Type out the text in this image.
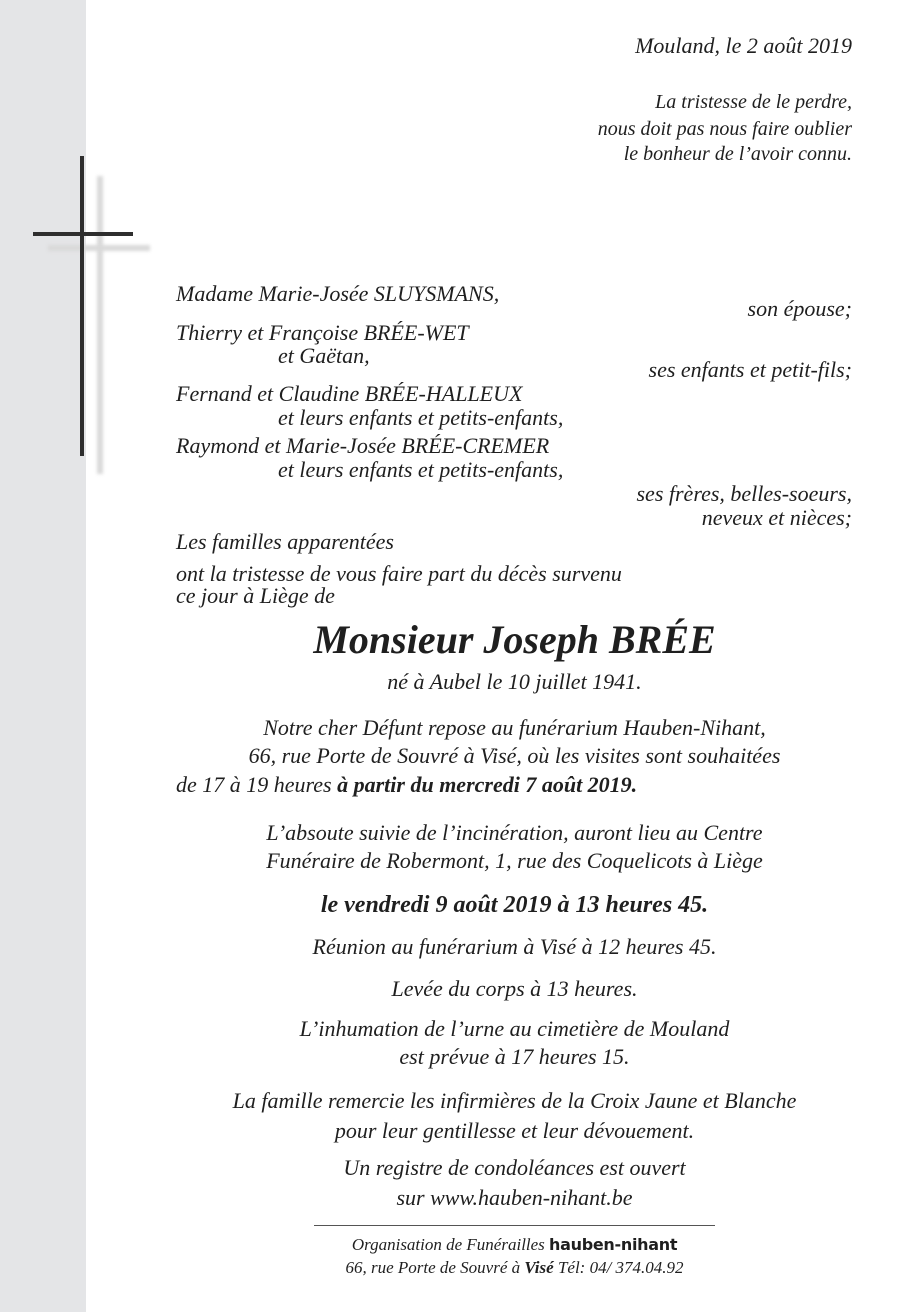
Mouland, le 2 août 2019
La tristesse de le perdre,
nous doit pas nous faire oublier
le bonheur de l’avoir connu.
Madame Marie-Josée SLUYSMANS,
son épouse;
Thierry et Françoise BRÉE-WET
et Gaëtan,
ses enfants et petit-fils;
Fernand et Claudine BRÉE-HALLEUX
et leurs enfants et petits-enfants,
Raymond et Marie-Josée BRÉE-CREMER
et leurs enfants et petits-enfants,
ses frères, belles-soeurs,
neveux et nièces;
Les familles apparentées
ont la tristesse de vous faire part du décès survenu
ce jour à Liège de
Monsieur Joseph BRÉE
né à Aubel le 10 juillet 1941.
Notre cher Défunt repose au funérarium Hauben-Nihant,
66, rue Porte de Souvré à Visé, où les visites sont souhaitées
de 17 à 19 heures à partir du mercredi 7 août 2019.
L’absoute suivie de l’incinération, auront lieu au Centre
Funéraire de Robermont, 1, rue des Coquelicots à Liège
le vendredi 9 août 2019 à 13 heures 45.
Réunion au funérarium à Visé à 12 heures 45.
Levée du corps à 13 heures.
L’inhumation de l’urne au cimetière de Mouland
est prévue à 17 heures 15.
La famille remercie les infirmières de la Croix Jaune et Blanche
pour leur gentillesse et leur dévouement.
Un registre de condoléances est ouvert
sur www.hauben-nihant.be
Organisation de Funérailles hauben-nihant
66, rue Porte de Souvré à Visé Tél: 04/ 374.04.92
